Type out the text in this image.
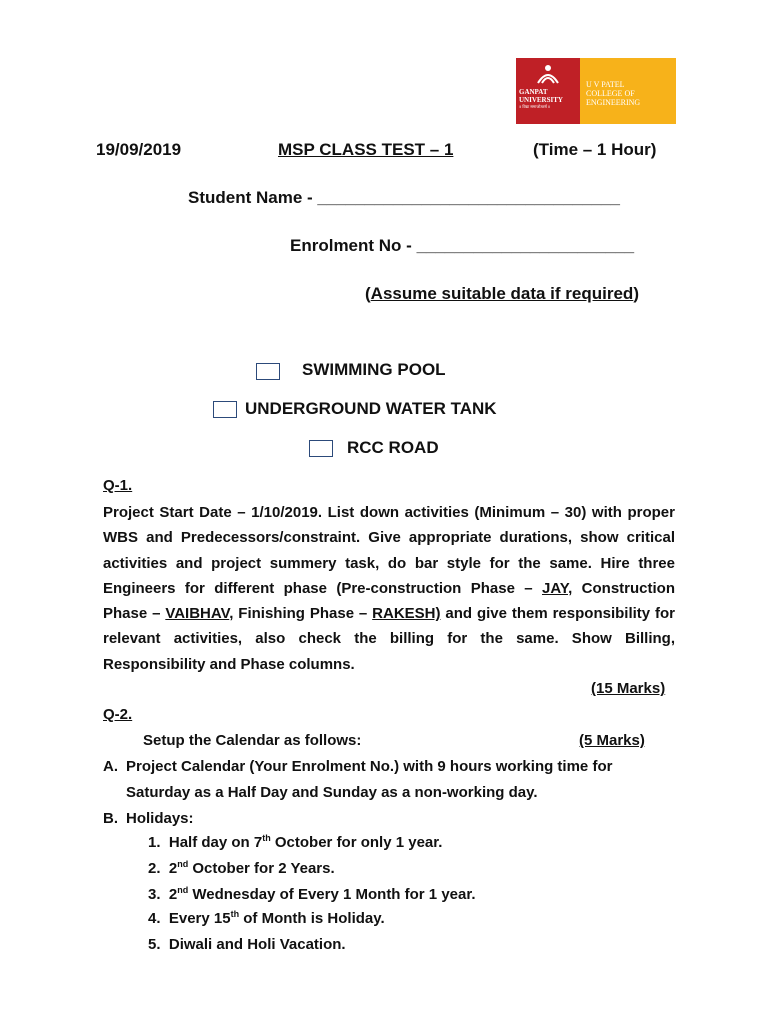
GANPAT
UNIVERSITY
॥ विद्या समाजोत्कर्ष ॥
U V PATEL
COLLEGE OF
ENGINEERING
19/09/2019	MSP CLASS TEST – 1	(Time – 1 Hour)
Student Name - ________________________________
Enrolment No - _______________________
(Assume suitable data if required)
SWIMMING POOL
UNDERGROUND WATER TANK
RCC ROAD
Q-1.
Project Start Date – 1/10/2019. List down activities (Minimum – 30) with proper WBS and Predecessors/constraint. Give appropriate durations, show critical activities and project summery task, do bar style for the same. Hire three Engineers for different phase (Pre-construction Phase – JAY, Construction Phase – VAIBHAV, Finishing Phase – RAKESH) and give them responsibility for relevant activities, also check the billing for the same. Show Billing, Responsibility and Phase columns.
(15 Marks)
Q-2.
Setup the Calendar as follows:	(5 Marks)
A. Project Calendar (Your Enrolment No.) with 9 hours working time for
Saturday as a Half Day and Sunday as a non-working day.
B. Holidays:
1. Half day on 7th October for only 1 year.
2. 2nd October for 2 Years.
3. 2nd Wednesday of Every 1 Month for 1 year.
4. Every 15th of Month is Holiday.
5. Diwali and Holi Vacation.
